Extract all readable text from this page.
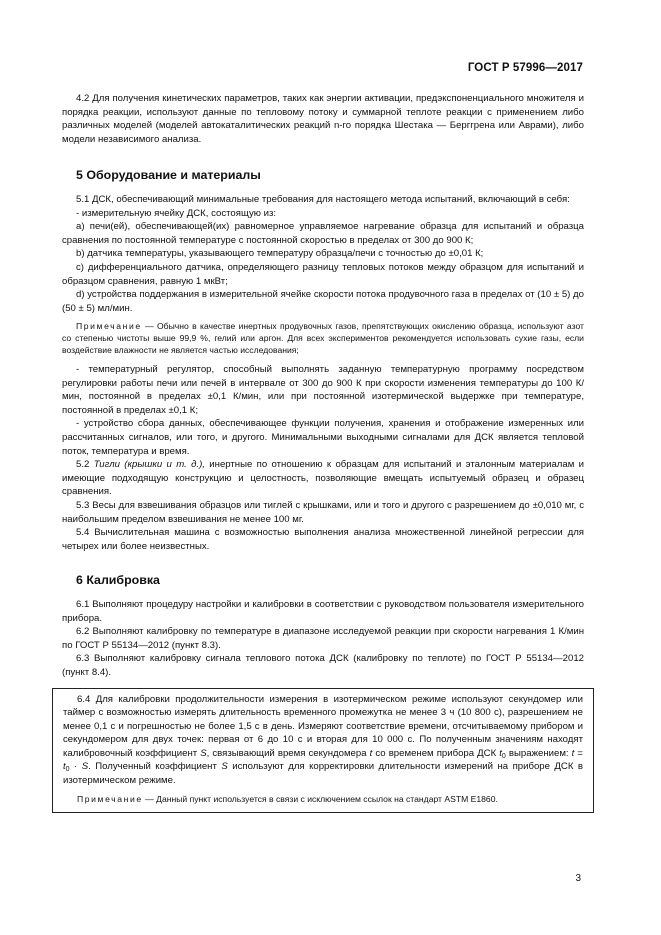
ГОСТ Р 57996—2017

4.2 Для получения кинетических параметров, таких как энергии активации, предэкспоненциального множителя и порядка реакции, используют данные по тепловому потоку и суммарной теплоте реакции с применением либо различных моделей (моделей автокаталитических реакций n-го порядка Шестака — Берггрена или Аврами), либо модели независимого анализа.

5 Оборудование и материалы

5.1 ДСК, обеспечивающий минимальные требования для настоящего метода испытаний, включающий в себя:

- измерительную ячейку ДСК, состоящую из:

а) печи(ей), обеспечивающей(их) равномерное управляемое нагревание образца для испытаний и образца сравнения по постоянной температуре с постоянной скоростью в пределах от 300 до 900 К;

b) датчика температуры, указывающего температуру образца/печи с точностью до ±0,01 К;

c) дифференциального датчика, определяющего разницу тепловых потоков между образцом для испытаний и образцом сравнения, равную 1 мкВт;

d) устройства поддержания в измерительной ячейке скорости потока продувочного газа в пределах от (10 ± 5) до (50 ± 5) мл/мин.

Примечание — Обычно в качестве инертных продувочных газов, препятствующих окислению образца, используют азот со степенью чистоты выше 99,9 %, гелий или аргон. Для всех экспериментов рекомендуется использовать сухие газы, если воздействие влажности не является частью исследования;

- температурный регулятор, способный выполнять заданную температурную программу посредством регулировки работы печи или печей в интервале от 300 до 900 К при скорости изменения температуры до 100 К/мин, постоянной в пределах ±0,1 К/мин, или при постоянной изотермической выдержке при температуре, постоянной в пределах ±0,1 К;

- устройство сбора данных, обеспечивающее функции получения, хранения и отображение измеренных или рассчитанных сигналов, или того, и другого. Минимальными выходными сигналами для ДСК является тепловой поток, температура и время.

5.2 Тигли (крышки и т. д.), инертные по отношению к образцам для испытаний и эталонным материалам и имеющие подходящую конструкцию и целостность, позволяющие вмещать испытуемый образец и образец сравнения.

5.3 Весы для взвешивания образцов или тиглей с крышками, или и того и другого с разрешением до ±0,010 мг, с наибольшим пределом взвешивания не менее 100 мг.

5.4 Вычислительная машина с возможностью выполнения анализа множественной линейной регрессии для четырех или более неизвестных.

6 Калибровка

6.1 Выполняют процедуру настройки и калибровки в соответствии с руководством пользователя измерительного прибора.

6.2 Выполняют калибровку по температуре в диапазоне исследуемой реакции при скорости нагревания 1 К/мин по ГОСТ Р 55134—2012 (пункт 8.3).

6.3 Выполняют калибровку сигнала теплового потока ДСК (калибровку по теплоте) по ГОСТ Р 55134—2012 (пункт 8.4).

6.4 Для калибровки продолжительности измерения в изотермическом режиме используют секундомер или таймер с возможностью измерять длительность временного промежутка не менее 3 ч (10 800 с), разрешением не менее 0,1 с и погрешностью не более 1,5 с в день. Измеряют соответствие времени, отсчитываемому прибором и секундомером для двух точек: первая от 6 до 10 с и вторая для 10 000 с. По полученным значениям находят калибровочный коэффициент S, связывающий время секундомера t со временем прибора ДСК $t_0$ выражением: $t = t_0 \cdot S$. Полученный коэффициент S используют для корректировки длительности измерений на приборе ДСК в изотермическом режиме.

Примечание — Данный пункт используется в связи с исключением ссылок на стандарт ASTM E1860.

3
